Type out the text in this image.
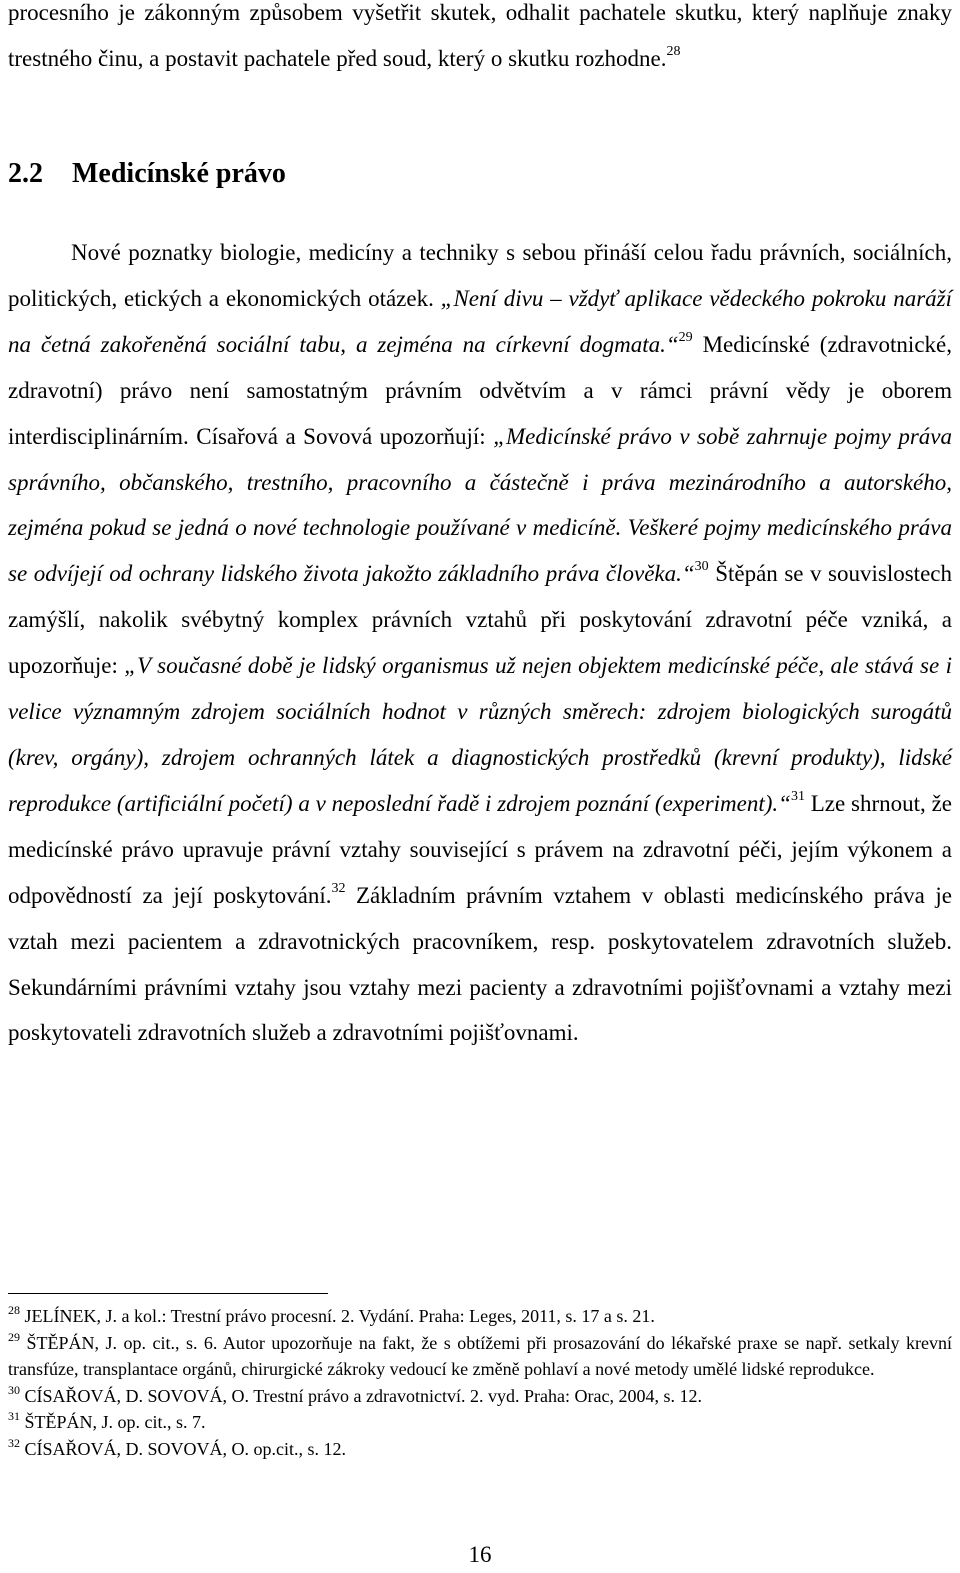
procesního je zákonným způsobem vyšetřit skutek, odhalit pachatele skutku, který naplňuje znaky trestného činu, a postavit pachatele před soud, který o skutku rozhodne.$^{28}$

2.2 Medicínské právo

Nové poznatky biologie, medicíny a techniky s sebou přináší celou řadu právních, sociálních, politických, etických a ekonomických otázek. „Není divu – vždyť aplikace vědeckého pokroku naráží na četná zakořeněná sociální tabu, a zejména na církevní dogmata.“$^{29}$ Medicínské (zdravotnické, zdravotní) právo není samostatným právním odvětvím a v rámci právní vědy je oborem interdisciplinárním. Císařová a Sovová upozorňují: „Medicínské právo v sobě zahrnuje pojmy práva správního, občanského, trestního, pracovního a částečně i práva mezinárodního a autorského, zejména pokud se jedná o nové technologie používané v medicíně. Veškeré pojmy medicínského práva se odvíjejí od ochrany lidského života jakožto základního práva člověka.“$^{30}$ Štěpán se v souvislostech zamýšlí, nakolik svébytný komplex právních vztahů při poskytování zdravotní péče vzniká, a upozorňuje: „V současné době je lidský organismus už nejen objektem medicínské péče, ale stává se i velice významným zdrojem sociálních hodnot v různých směrech: zdrojem biologických surogátů (krev, orgány), zdrojem ochranných látek a diagnostických prostředků (krevní produkty), lidské reprodukce (artificiální početí) a v neposlední řadě i zdrojem poznání (experiment).“$^{31}$ Lze shrnout, že medicínské právo upravuje právní vztahy související s právem na zdravotní péči, jejím výkonem a odpovědností za její poskytování.$^{32}$ Základním právním vztahem v oblasti medicínského práva je vztah mezi pacientem a zdravotnických pracovníkem, resp. poskytovatelem zdravotních služeb. Sekundárními právními vztahy jsou vztahy mezi pacienty a zdravotními pojišťovnami a vztahy mezi poskytovateli zdravotních služeb a zdravotními pojišťovnami.

$^{28}$ JELÍNEK, J. a kol.: Trestní právo procesní. 2. Vydání. Praha: Leges, 2011, s. 17 a s. 21.

$^{29}$ ŠTĚPÁN, J. op. cit., s. 6. Autor upozorňuje na fakt, že s obtížemi při prosazování do lékařské praxe se např. setkaly krevní transfúze, transplantace orgánů, chirurgické zákroky vedoucí ke změně pohlaví a nové metody umělé lidské reprodukce.

$^{30}$ CÍSAŘOVÁ, D. SOVOVÁ, O. Trestní právo a zdravotnictví. 2. vyd. Praha: Orac, 2004, s. 12.

$^{31}$ ŠTĚPÁN, J. op. cit., s. 7.

$^{32}$ CÍSAŘOVÁ, D. SOVOVÁ, O. op.cit., s. 12.

16
